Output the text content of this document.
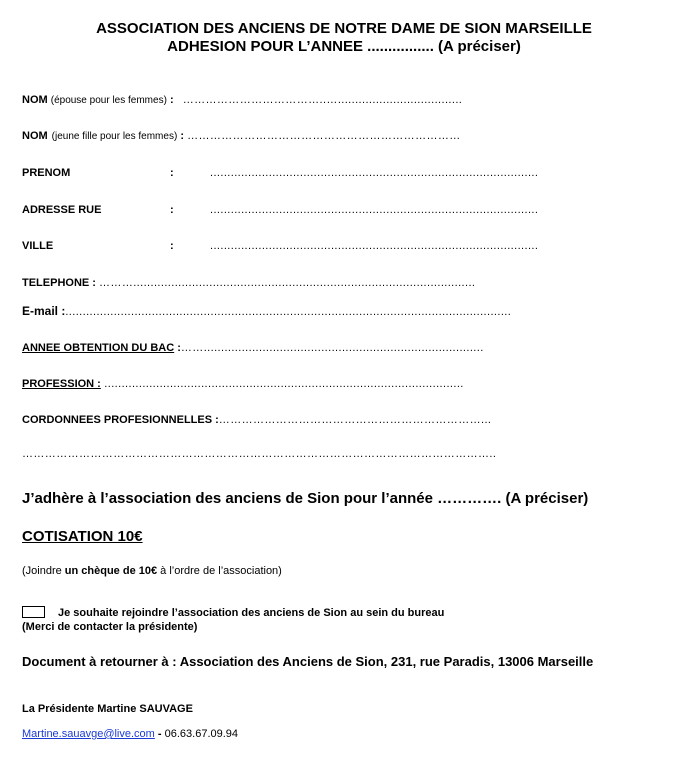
ASSOCIATION DES ANCIENS DE NOTRE DAME DE SION MARSEILLE
ADHESION POUR L’ANNEE ................ (A préciser)
NOM (épouse pour les femmes) : ………………………………..…....................................
NOM (jeune fille pour les femmes) : ………………………………………………………………
PRENOM	:	...............................................................................................
ADRESSE RUE	:	...............................................................................................
VILLE	:	...............................................................................................
TELEPHONE : ………...................................................................................................
E-mail :.................................................................................................................................
ANNEE OBTENTION DU BAC :…….................................................................................
PROFESSION : ........................................................................................................
CORDONNEES PROFESIONNELLES :……………………………………………………………...
……………………………………………………………………………………………………………..
J’adhère à l’association des anciens de Sion pour l’année …………. (A préciser)
COTISATION 10€
(Joindre un chèque de 10€ à l’ordre de l’association)
Je souhaite rejoindre l’association des anciens de Sion au sein du bureau
(Merci de contacter la présidente)
Document à retourner à : Association des Anciens de Sion, 231, rue Paradis, 13006 Marseille
La Présidente Martine SAUVAGE
Martine.sauavge@live.com - 06.63.67.09.94
